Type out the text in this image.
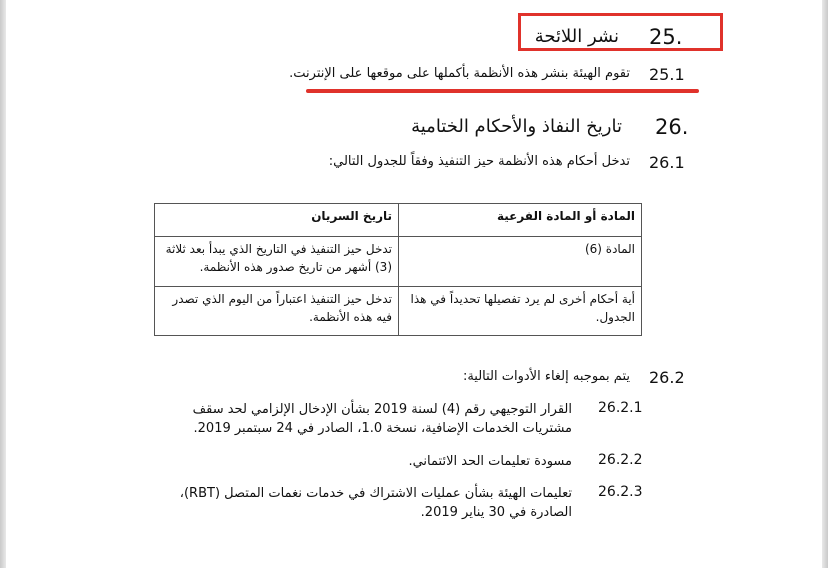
25.
نشر اللائحة
25.1
تقوم الهيئة بنشر هذه الأنظمة بأكملها على موقعها على الإنترنت.
26.
تاريخ النفاذ والأحكام الختامية
26.1
تدخل أحكام هذه الأنظمة حيز التنفيذ وفقاً للجدول التالي:
المادة أو المادة الفرعية	تاريخ السريان
المادة (6)	تدخل حيز التنفيذ في التاريخ الذي يبدأ بعد ثلاثة (3) أشهر من تاريخ صدور هذه الأنظمة.
أية أحكام أخرى لم يرد تفصيلها تحديداً في هذا الجدول.	تدخل حيز التنفيذ اعتباراً من اليوم الذي تصدر فيه هذه الأنظمة.
26.2
يتم بموجبه إلغاء الأدوات التالية:
26.2.1
القرار التوجيهي رقم (4) لسنة 2019 بشأن الإدخال الإلزامي لحد سقف مشتريات الخدمات الإضافية، نسخة 1.0، الصادر في 24 سبتمبر 2019.
26.2.2
مسودة تعليمات الحد الائتماني.
26.2.3
تعليمات الهيئة بشأن عمليات الاشتراك في خدمات نغمات المتصل (RBT)، الصادرة في 30 يناير 2019.
